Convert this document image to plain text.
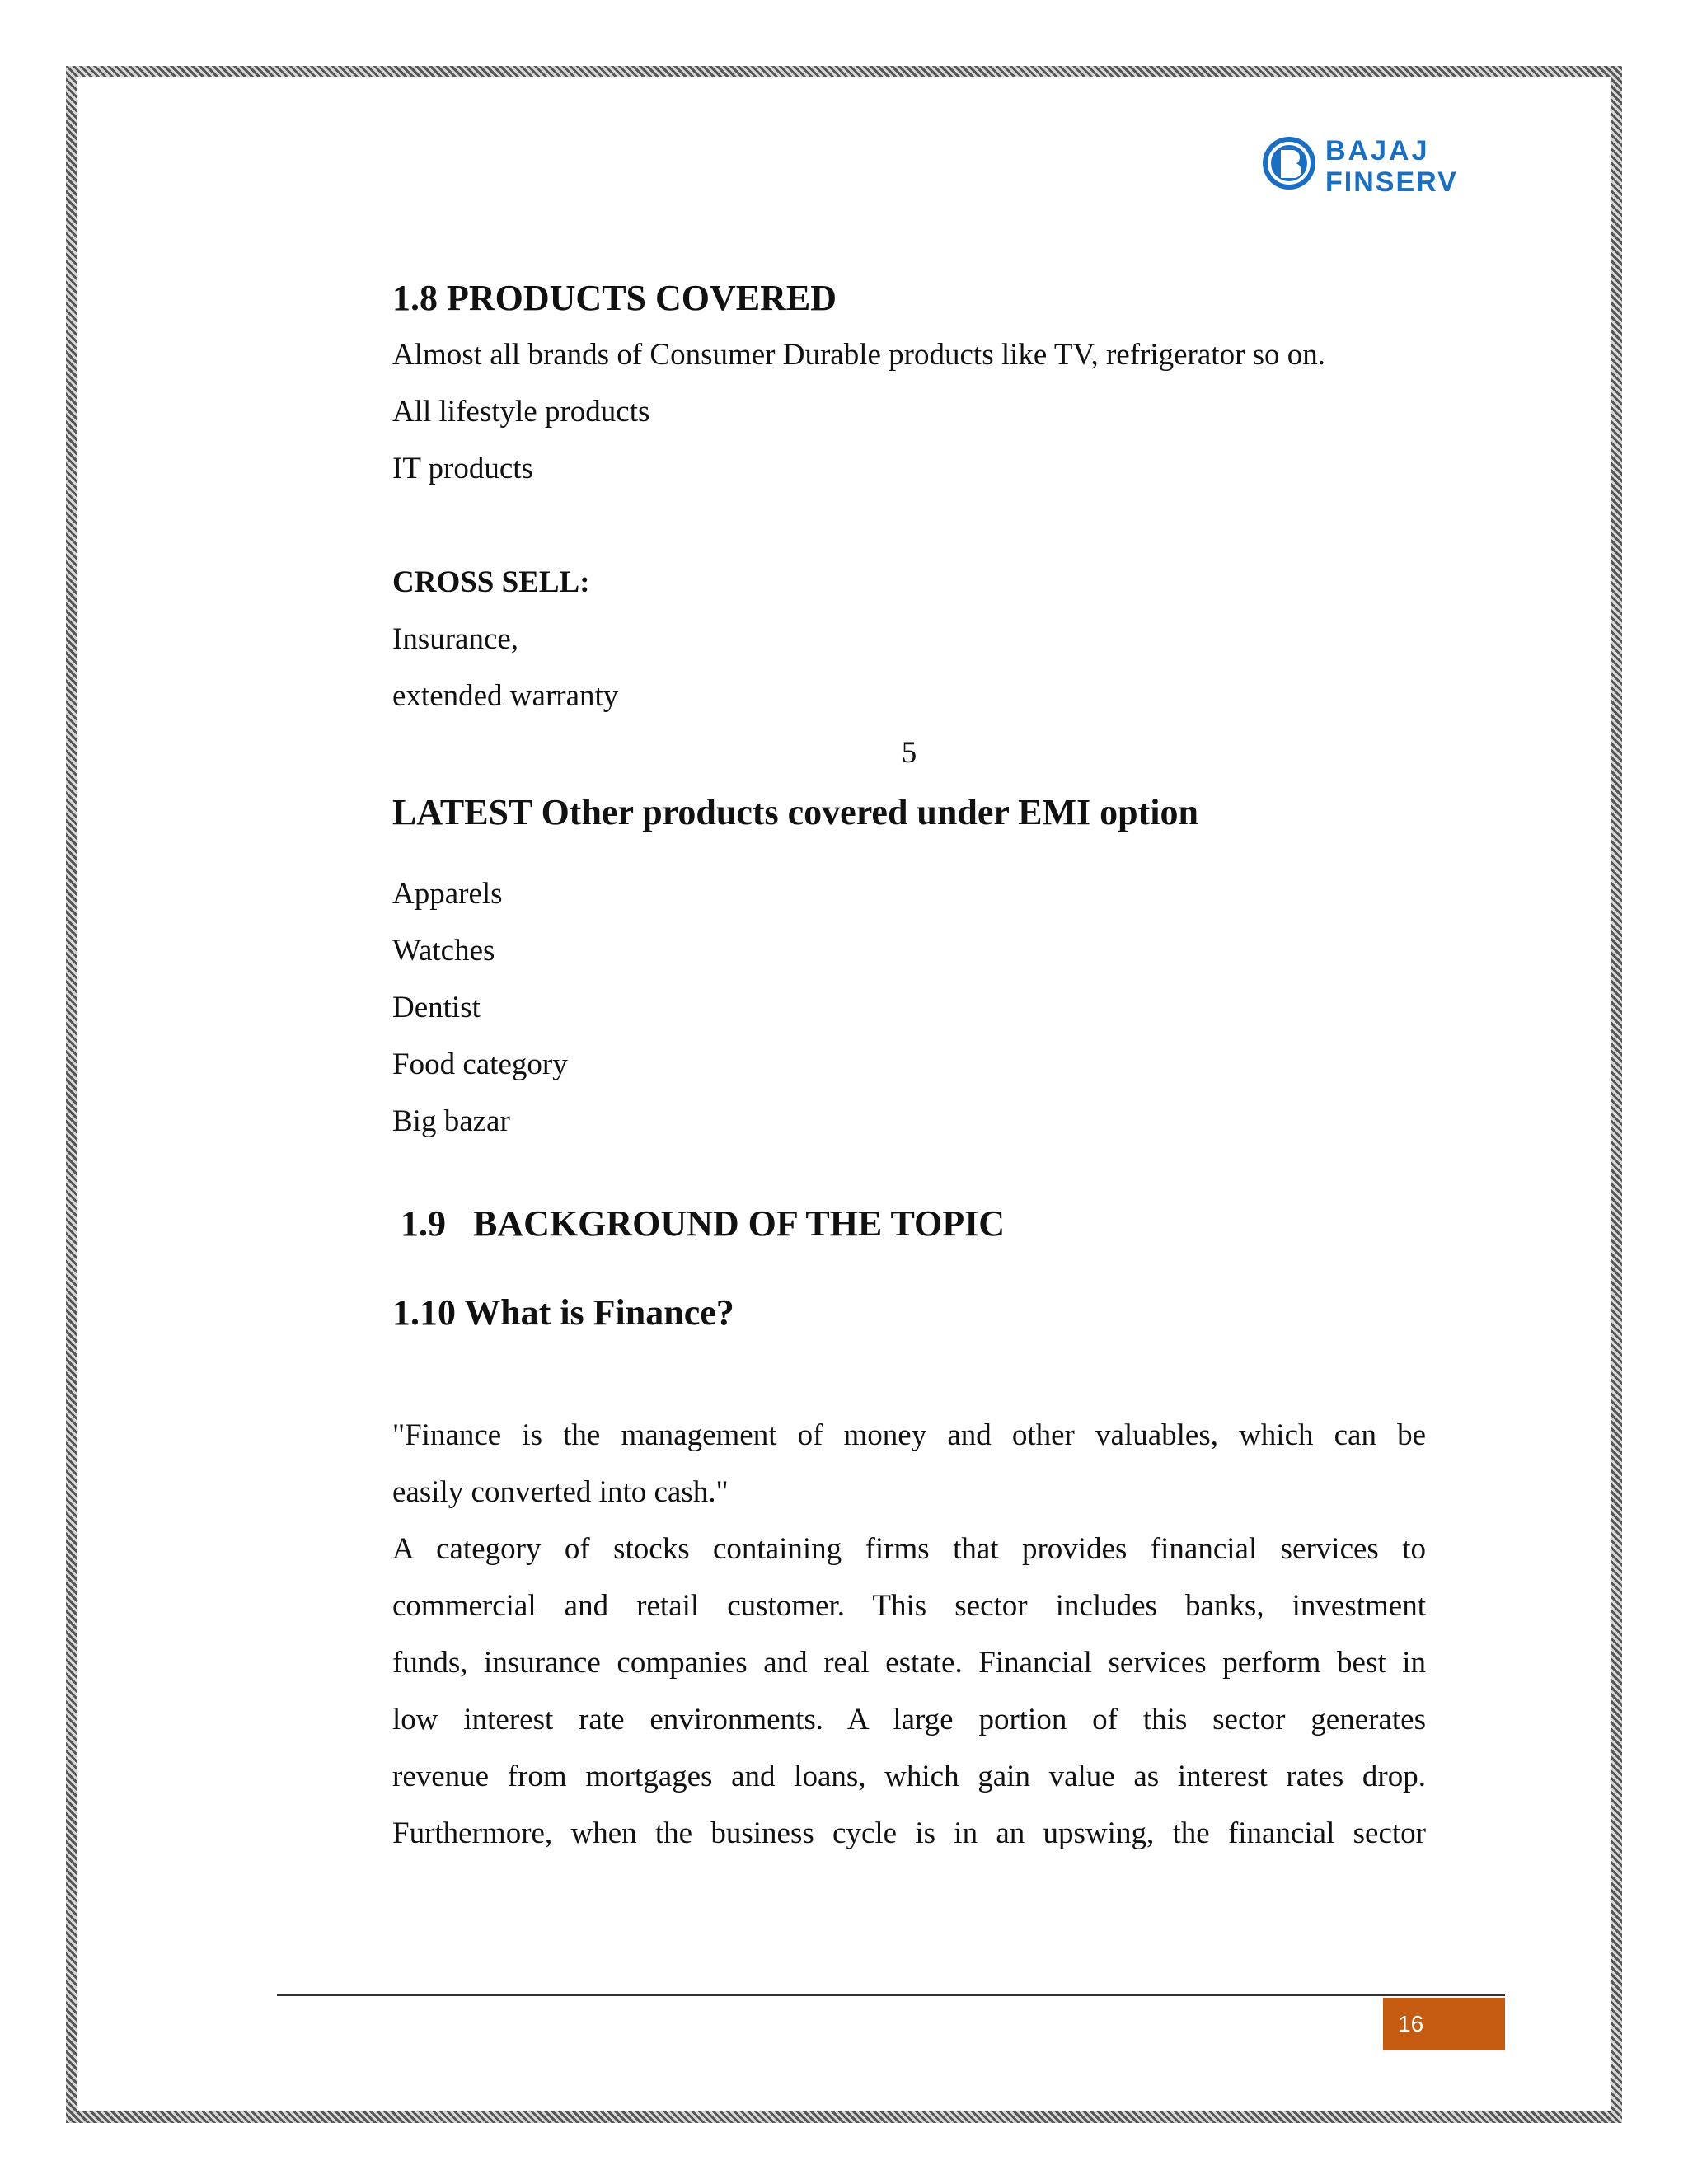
BAJAJ
FINSERV

1.8 PRODUCTS COVERED

Almost all brands of Consumer Durable products like TV, refrigerator so on.

All lifestyle products

IT products

CROSS SELL:

Insurance,

extended warranty

5

LATEST Other products covered under EMI option

Apparels

Watches

Dentist

Food category

Big bazar

1.9   BACKGROUND OF THE TOPIC

1.10 What is Finance?

"Finance is the management of money and other valuables, which can be

easily converted into cash."

A category of stocks containing firms that provides financial services to

commercial and retail customer. This sector includes banks, investment

funds, insurance companies and real estate. Financial services perform best in

low interest rate environments. A large portion of this sector generates

revenue from mortgages and loans, which gain value as interest rates drop.

Furthermore, when the business cycle is in an upswing, the financial sector

16
